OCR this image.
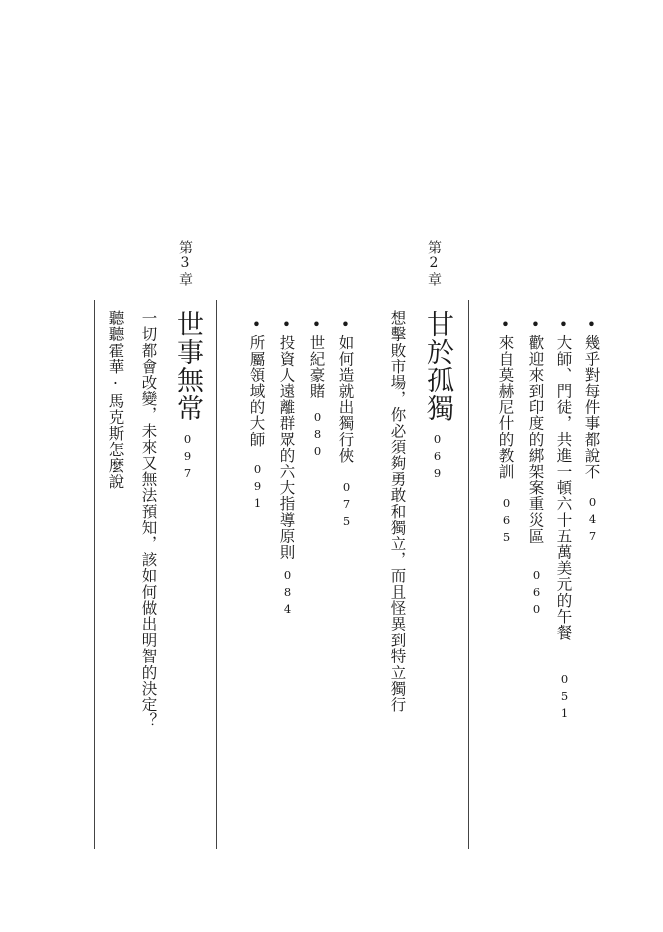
•幾乎對每件事都說不
047
•大師、門徒，共進一頓六十五萬美元的午餐
051
•歡迎來到印度的綁架案重災區
060
•來自莫赫尼什的教訓
065
第2章
甘於孤獨
069
想擊敗市場，你必須夠勇敢和獨立，而且怪異到特立獨行
•如何造就出獨行俠
075
•世紀豪賭
080
•投資人遠離群眾的六大指導原則
084
•所屬領域的大師
091
第3章
世事無常
097
一切都會改變，未來又無法預知，該如何做出明智的決定？
聽聽霍華·馬克斯怎麼說
